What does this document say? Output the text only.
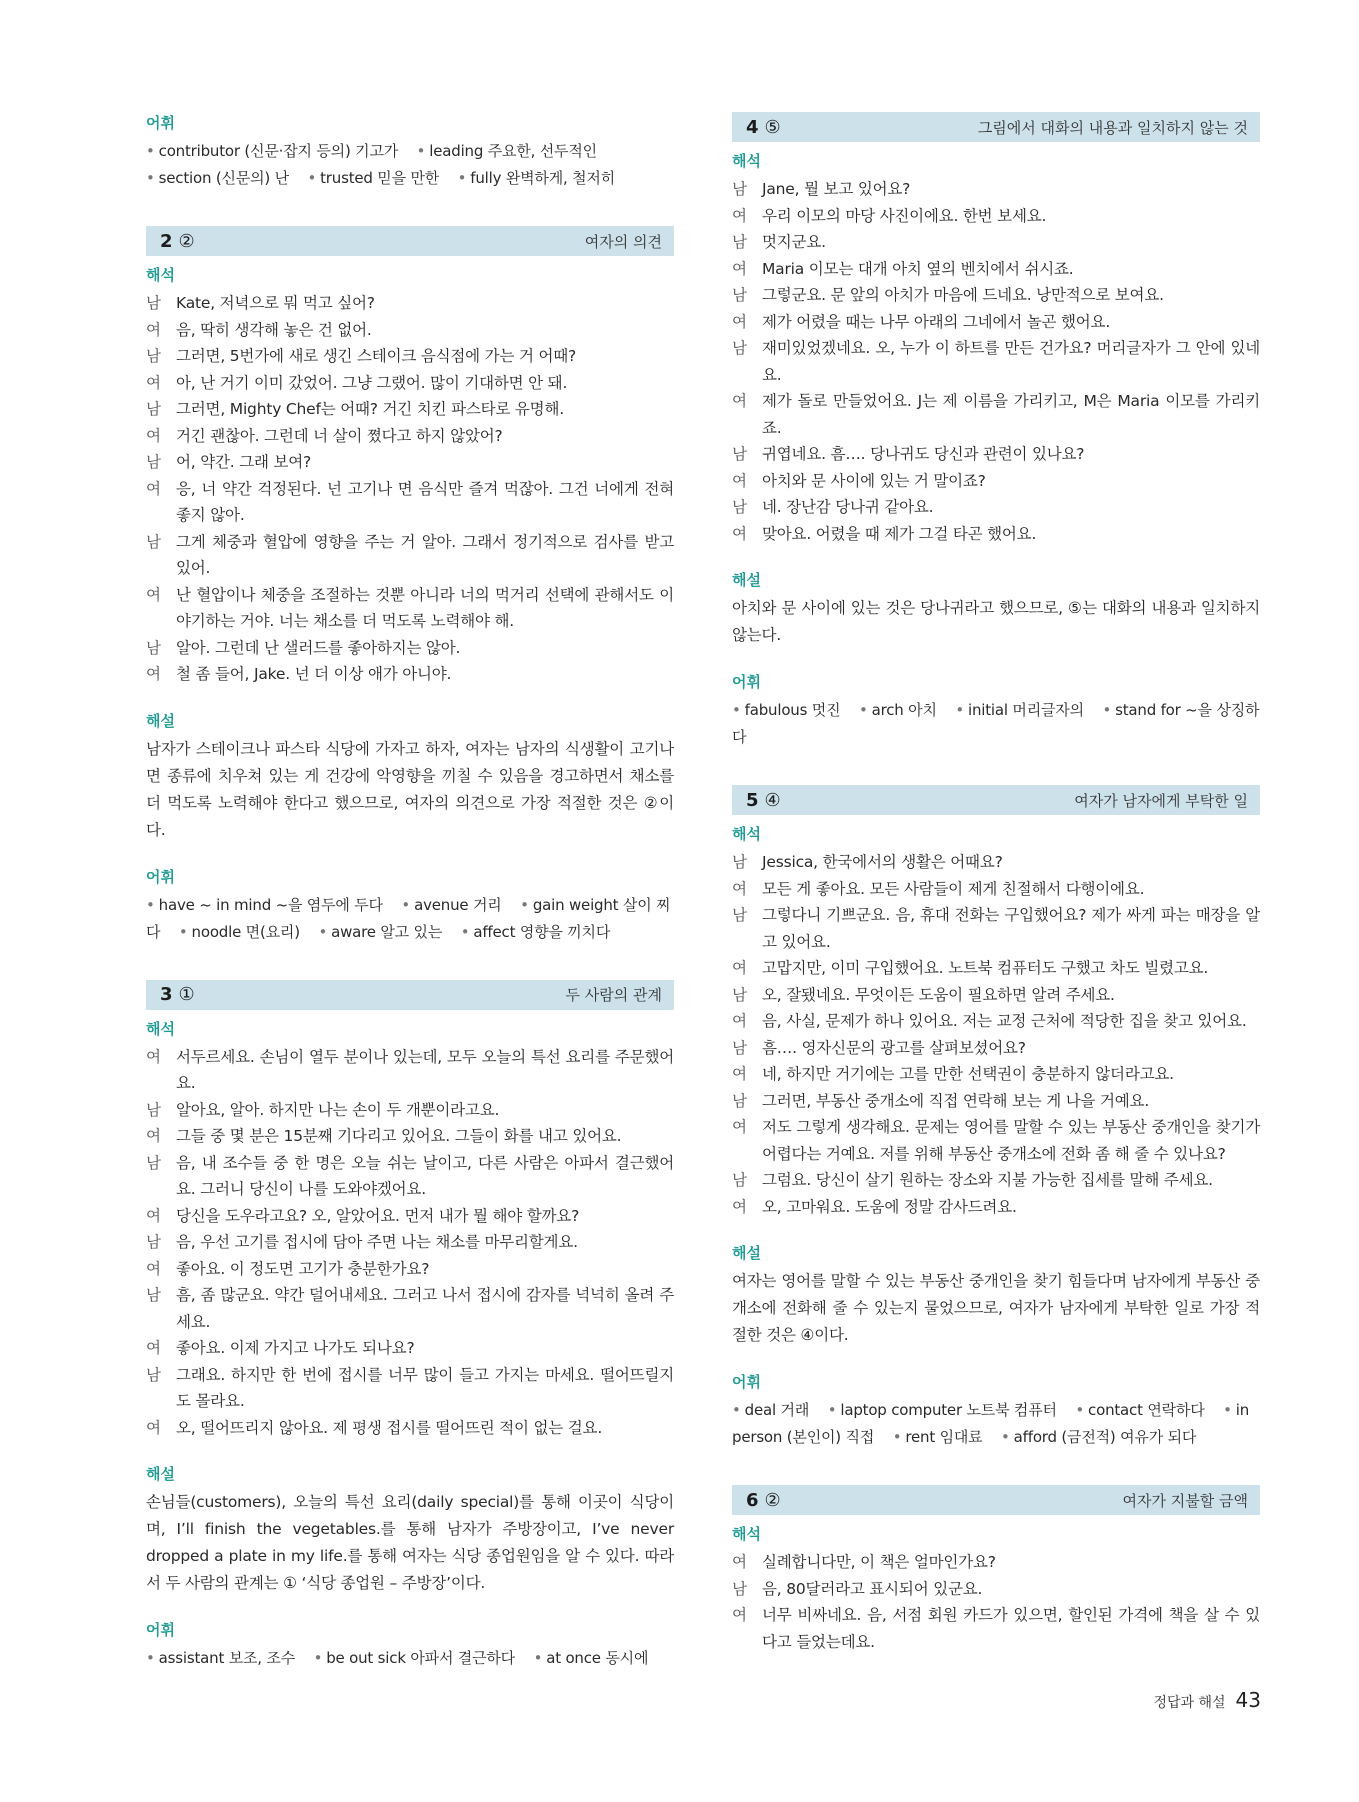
어휘
• contributor (신문·잡지 등의) 기고가 • leading 주요한, 선두적인 • section (신문의) 난 • trusted 믿을 만한 • fully 완벽하게, 철저히
2 ②	여자의 의견
해석
남 Kate, 저녁으로 뭐 먹고 싶어?
여 음, 딱히 생각해 놓은 건 없어.
남 그러면, 5번가에 새로 생긴 스테이크 음식점에 가는 거 어때?
여 아, 난 거기 이미 갔었어. 그냥 그랬어. 많이 기대하면 안 돼.
남 그러면, Mighty Chef는 어때? 거긴 치킨 파스타로 유명해.
여 거긴 괜찮아. 그런데 너 살이 쪘다고 하지 않았어?
남 어, 약간. 그래 보여?
여 응, 너 약간 걱정된다. 넌 고기나 면 음식만 즐겨 먹잖아. 그건 너에게 전혀 좋지 않아.
남 그게 체중과 혈압에 영향을 주는 거 알아. 그래서 정기적으로 검사를 받고 있어.
여 난 혈압이나 체중을 조절하는 것뿐 아니라 너의 먹거리 선택에 관해서도 이야기하는 거야. 너는 채소를 더 먹도록 노력해야 해.
남 알아. 그런데 난 샐러드를 좋아하지는 않아.
여 철 좀 들어, Jake. 넌 더 이상 애가 아니야.
해설

남자가 스테이크나 파스타 식당에 가자고 하자, 여자는 남자의 식생활이 고기나 면 종류에 치우쳐 있는 게 건강에 악영향을 끼칠 수 있음을 경고하면서 채소를 더 먹도록 노력해야 한다고 했으므로, 여자의 의견으로 가장 적절한 것은 ②이다.

어휘
• have ~ in mind ~을 염두에 두다 • avenue 거리 • gain weight 살이 찌다 • noodle 면(요리) • aware 알고 있는 • affect 영향을 끼치다
3 ①	두 사람의 관계
해석
여 서두르세요. 손님이 열두 분이나 있는데, 모두 오늘의 특선 요리를 주문했어요.
남 알아요, 알아. 하지만 나는 손이 두 개뿐이라고요.
여 그들 중 몇 분은 15분째 기다리고 있어요. 그들이 화를 내고 있어요.
남 음, 내 조수들 중 한 명은 오늘 쉬는 날이고, 다른 사람은 아파서 결근했어요. 그러니 당신이 나를 도와야겠어요.
여 당신을 도우라고요? 오, 알았어요. 먼저 내가 뭘 해야 할까요?
남 음, 우선 고기를 접시에 담아 주면 나는 채소를 마무리할게요.
여 좋아요. 이 정도면 고기가 충분한가요?
남 흠, 좀 많군요. 약간 덜어내세요. 그러고 나서 접시에 감자를 넉넉히 올려 주세요.
여 좋아요. 이제 가지고 나가도 되나요?
남 그래요. 하지만 한 번에 접시를 너무 많이 들고 가지는 마세요. 떨어뜨릴지도 몰라요.
여 오, 떨어뜨리지 않아요. 제 평생 접시를 떨어뜨린 적이 없는 걸요.
해설

손님들(customers), 오늘의 특선 요리(daily special)를 통해 이곳이 식당이며, I’ll finish the vegetables.를 통해 남자가 주방장이고, I’ve never dropped a plate in my life.를 통해 여자는 식당 종업원임을 알 수 있다. 따라서 두 사람의 관계는 ① ‘식당 종업원 – 주방장’이다.

어휘
• assistant 보조, 조수 • be out sick 아파서 결근하다 • at once 동시에
4 ⑤	그림에서 대화의 내용과 일치하지 않는 것
해석
남 Jane, 뭘 보고 있어요?
여 우리 이모의 마당 사진이에요. 한번 보세요.
남 멋지군요.
여 Maria 이모는 대개 아치 옆의 벤치에서 쉬시죠.
남 그렇군요. 문 앞의 아치가 마음에 드네요. 낭만적으로 보여요.
여 제가 어렸을 때는 나무 아래의 그네에서 놀곤 했어요.
남 재미있었겠네요. 오, 누가 이 하트를 만든 건가요? 머리글자가 그 안에 있네요.
여 제가 돌로 만들었어요. J는 제 이름을 가리키고, M은 Maria 이모를 가리키죠.
남 귀엽네요. 흠…. 당나귀도 당신과 관련이 있나요?
여 아치와 문 사이에 있는 거 말이죠?
남 네. 장난감 당나귀 같아요.
여 맞아요. 어렸을 때 제가 그걸 타곤 했어요.
해설

아치와 문 사이에 있는 것은 당나귀라고 했으므로, ⑤는 대화의 내용과 일치하지 않는다.

어휘
• fabulous 멋진 • arch 아치 • initial 머리글자의 • stand for ~을 상징하다
5 ④	여자가 남자에게 부탁한 일
해석
남 Jessica, 한국에서의 생활은 어때요?
여 모든 게 좋아요. 모든 사람들이 제게 친절해서 다행이에요.
남 그렇다니 기쁘군요. 음, 휴대 전화는 구입했어요? 제가 싸게 파는 매장을 알고 있어요.
여 고맙지만, 이미 구입했어요. 노트북 컴퓨터도 구했고 차도 빌렸고요.
남 오, 잘됐네요. 무엇이든 도움이 필요하면 알려 주세요.
여 음, 사실, 문제가 하나 있어요. 저는 교정 근처에 적당한 집을 찾고 있어요.
남 흠…. 영자신문의 광고를 살펴보셨어요?
여 네, 하지만 거기에는 고를 만한 선택권이 충분하지 않더라고요.
남 그러면, 부동산 중개소에 직접 연락해 보는 게 나을 거예요.
여 저도 그렇게 생각해요. 문제는 영어를 말할 수 있는 부동산 중개인을 찾기가 어렵다는 거예요. 저를 위해 부동산 중개소에 전화 좀 해 줄 수 있나요?
남 그럼요. 당신이 살기 원하는 장소와 지불 가능한 집세를 말해 주세요.
여 오, 고마워요. 도움에 정말 감사드려요.
해설

여자는 영어를 말할 수 있는 부동산 중개인을 찾기 힘들다며 남자에게 부동산 중개소에 전화해 줄 수 있는지 물었으므로, 여자가 남자에게 부탁한 일로 가장 적절한 것은 ④이다.

어휘
• deal 거래 • laptop computer 노트북 컴퓨터 • contact 연락하다 • in person (본인이) 직접 • rent 임대료 • afford (금전적) 여유가 되다
6 ②	여자가 지불할 금액
해석
여 실례합니다만, 이 책은 얼마인가요?
남 음, 80달러라고 표시되어 있군요.
여 너무 비싸네요. 음, 서점 회원 카드가 있으면, 할인된 가격에 책을 살 수 있다고 들었는데요.
정답과 해설 43
